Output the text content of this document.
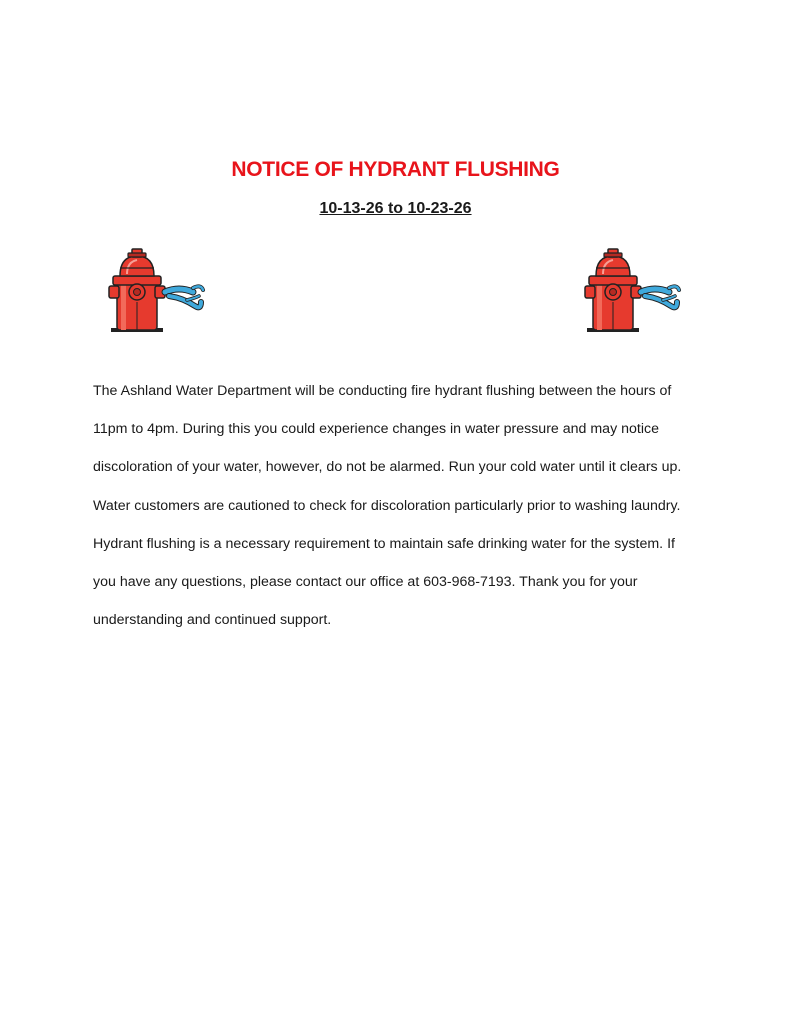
NOTICE OF HYDRANT FLUSHING
10-13-26 to 10-23-26
The Ashland Water Department will be conducting fire hydrant flushing between the hours of
11pm to 4pm. During this you could experience changes in water pressure and may notice
discoloration of your water, however, do not be alarmed. Run your cold water until it clears up.
Water customers are cautioned to check for discoloration particularly prior to washing laundry.
Hydrant flushing is a necessary requirement to maintain safe drinking water for the system. If
you have any questions, please contact our office at 603-968-7193. Thank you for your
understanding and continued support.
